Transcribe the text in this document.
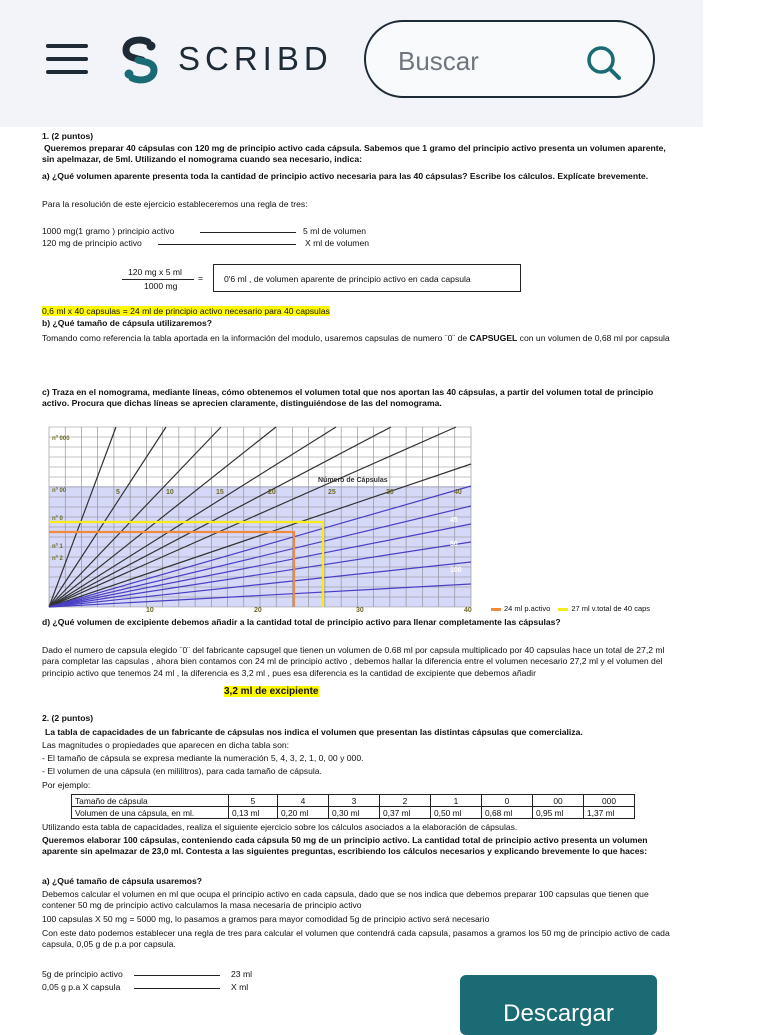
SCRIBD
Buscar
1. (2 puntos)
Queremos preparar 40 cápsulas con 120 mg de principio activo cada cápsula. Sabemos que 1 gramo del principio activo presenta un volumen aparente, sin apelmazar, de 5ml. Utilizando el nomograma cuando sea necesario, indica:
a) ¿Qué volumen aparente presenta toda la cantidad de principio activo necesaria para las 40 cápsulas? Escribe los cálculos. Explícate brevemente.
Para la resolución de este ejercicio estableceremos una regla de tres:
1000 mg(1 gramo ) principio activo	5 ml de volumen
120 mg de principio activo	X ml de volumen
120 mg x 5 ml
1000 mg
=	0'6 ml , de volumen aparente de principio activo en cada capsula
0,6 ml x 40 capsulas = 24 ml de principio activo necesario para 40 capsulas
b) ¿Qué tamaño de cápsula utilizaremos?
Tomando como referencia la tabla aportada en la información del modulo, usaremos capsulas de numero ¨0¨ de CAPSUGEL con un volumen de 0,68 ml por capsula
c) Traza en el nomograma, mediante líneas, cómo obtenemos el volumen total que nos aportan las 40 cápsulas, a partir del volumen total de principio activo. Procura que dichas líneas se aprecien claramente, distinguiéndose de las del nomograma.
5	10	15	20	25	30	40
Número de Cápsulas
45
50
100
10	20	30	40
nº 000
nº 00
nº 0
nº 1
nº 2
24 ml p.activo	27 ml v.total de 40 caps
d) ¿Qué volumen de excipiente debemos añadir a la cantidad total de principio activo para llenar completamente las cápsulas?
Dado el numero de capsula elegido ¨0¨ del fabricante capsugel que tienen un volumen de 0.68 ml por capsula multiplicado por 40 capsulas hace un total de 27,2 ml para completar las capsulas , ahora bien contamos con 24 ml de principio activo , debemos hallar la diferencia entre el volumen necesario 27,2 ml y el volumen del principio activo que tenemos 24 ml , la diferencia es 3,2 ml , pues esa diferencia es la cantidad de excipiente que debemos añadir
3,2 ml de excipiente
2. (2 puntos)
La tabla de capacidades de un fabricante de cápsulas nos indica el volumen que presentan las distintas cápsulas que comercializa.
Las magnitudes o propiedades que aparecen en dicha tabla son:
- El tamaño de cápsula se expresa mediante la numeración 5, 4, 3, 2, 1, 0, 00 y 000.
- El volumen de una cápsula (en mililitros), para cada tamaño de cápsula.
Por ejemplo:
Tamaño de cápsula	5	4	3	2	1	0	00	000
Volumen de una cápsula, en ml.	0,13 ml	0,20 ml	0,30 ml	0,37 ml	0,50 ml	0,68 ml	0,95 ml	1,37 ml
Utilizando esta tabla de capacidades, realiza el siguiente ejercicio sobre los cálculos asociados a la elaboración de cápsulas.
Queremos elaborar 100 cápsulas, conteniendo cada cápsula 50 mg de un principio activo. La cantidad total de principio activo presenta un volumen aparente sin apelmazar de 23,0 ml. Contesta a las siguientes preguntas, escribiendo los cálculos necesarios y explicando brevemente lo que haces:
a) ¿Qué tamaño de cápsula usaremos?
Debemos calcular el volumen en ml que ocupa el principio activo en cada capsula, dado que se nos indica que debemos preparar 100 capsulas que tienen que contener 50 mg de principio activo calculamos la masa necesaria de principio activo
100 capsulas X 50 mg = 5000 mg, lo pasamos a gramos para mayor comodidad 5g de principio activo será necesario
Con este dato podemos establecer una regla de tres para calcular el volumen que contendrá cada capsula, pasamos a gramos los 50 mg de principio activo de cada capsula, 0,05 g de p.a por capsula.
5g de principio activo	23 ml
0,05 g p.a X capsula	X ml
Descargar
